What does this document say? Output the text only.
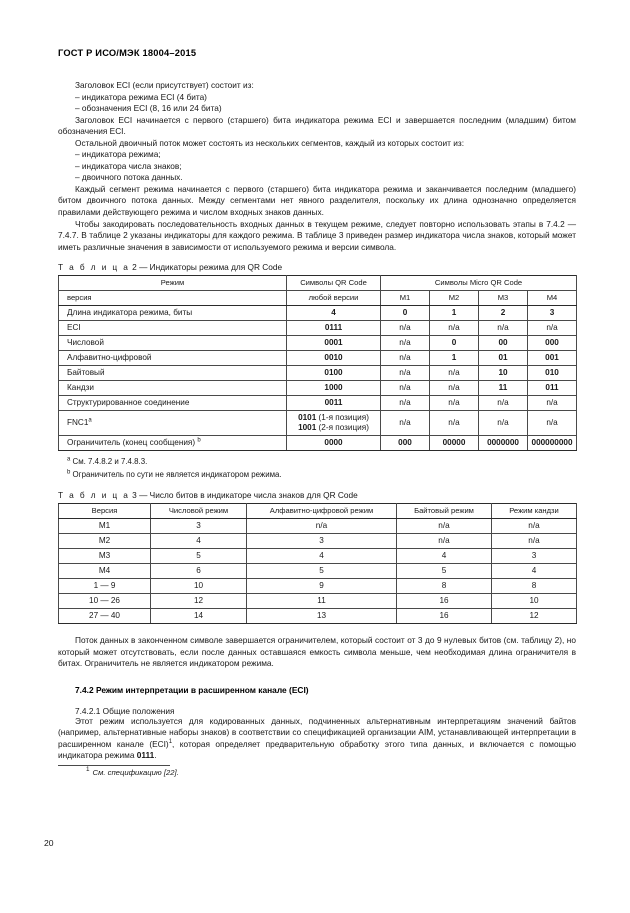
ГОСТ Р ИСО/МЭК 18004–2015

Заголовок ECI (если присутствует) состоит из:

– индикатора режима ECI (4 бита)

– обозначения ECI (8, 16 или 24 бита)

Заголовок ECI начинается с первого (старшего) бита индикатора режима ECI и завершается последним (младшим) битом обозначения ECI.

Остальной двоичный поток может состоять из нескольких сегментов, каждый из которых состоит из:

– индикатора режима;

– индикатора числа знаков;

– двоичного потока данных.

Каждый сегмент режима начинается с первого (старшего) бита индикатора режима и заканчивается последним (младшего) битом двоичного потока данных. Между сегментами нет явного разделителя, поскольку их длина однозначно определяется правилами действующего режима и числом входных знаков данных.

Чтобы закодировать последовательность входных данных в текущем режиме, следует повторно использовать этапы в 7.4.2 — 7.4.7. В таблице 2 указаны индикаторы для каждого режима. В таблице 3 приведен размер индикатора числа знаков, который может иметь различные значения в зависимости от используемого режима и версии символа.

Т а б л и ц а 2 — Индикаторы режима для QR Code
Режим	Символы QR Code	Символы Micro QR Code			
версия	любой версии	M1	M2	M3	M4
Длина индикатора режима, биты	4	0	1	2	3
ECI	0111	n/a	n/a	n/a	n/a
Числовой	0001	n/a	0	00	000
Алфавитно-цифровой	0010	n/a	1	01	001
Байтовый	0100	n/a	n/a	10	010
Кандзи	1000	n/a	n/a	11	011
Структурированное соединение	0011	n/a	n/a	n/a	n/a
FNC1$^a$	0101 (1-я позиция)
1001 (2-я позиция)	n/a	n/a	n/a	n/a
Ограничитель (конец сообщения) $^b$	0000	000	00000	0000000	000000000
$^a$ См. 7.4.8.2 и 7.4.8.3.
$^b$ Ограничитель по сути не является индикатором режима.
Т а б л и ц а 3 — Число битов в индикаторе числа знаков для QR Code
Версия	Числовой режим	Алфавитно-цифровой режим	Байтовый режим	Режим кандзи
M1	3	n/a	n/a	n/a
M2	4	3	n/a	n/a
M3	5	4	4	3
M4	6	5	5	4
1 — 9	10	9	8	8
10 — 26	12	11	16	10
27 — 40	14	13	16	12

Поток данных в законченном символе завершается ограничителем, который состоит от 3 до 9 нулевых битов (см. таблицу 2), но который может отсутствовать, если после данных оставшаяся емкость символа меньше, чем необходимая длина ограничителя в битах. Ограничитель не является индикатором режима.

7.4.2 Режим интерпретации в расширенном канале (ECI)
7.4.2.1 Общие положения

Этот режим используется для кодированных данных, подчиненных альтернативным интерпретациям значений байтов (например, альтернативные наборы знаков) в соответствии со спецификацией организации AIM, устанавливающей интерпретации в расширенном канале (ECI)$^1$, которая определяет предварительную обработку этого типа данных, и включается с помощью индикатора режима 0111.

$^1$ См. спецификацию [22].

20
